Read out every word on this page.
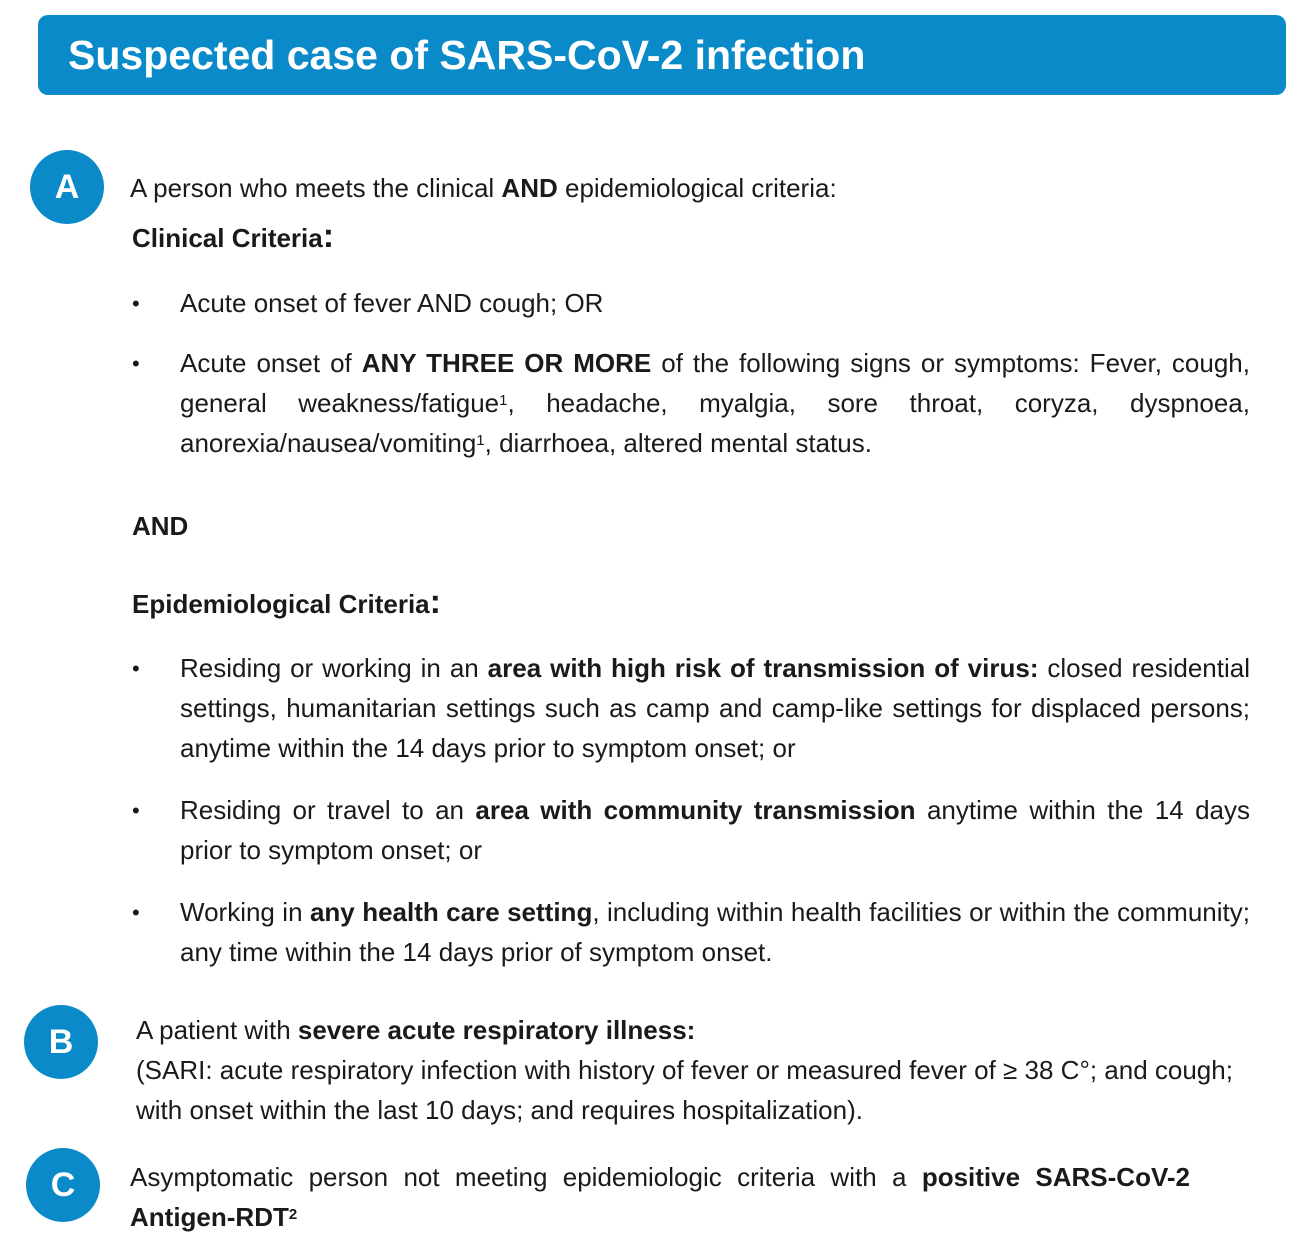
Suspected case of SARS-CoV-2 infection
A	A person who meets the clinical AND epidemiological criteria:

Clinical Criteria:

• Acute onset of fever AND cough; OR

• Acute onset of ANY THREE OR MORE of the following signs or symptoms: Fever, cough, general weakness/fatigue$^1$, headache, myalgia, sore throat, coryza, dyspnoea, anorexia/nausea/vomiting$^1$, diarrhoea, altered mental status.

AND

Epidemiological Criteria:

• Residing or working in an area with high risk of transmission of virus: closed residential settings, humanitarian settings such as camp and camp-like settings for displaced persons; anytime within the 14 days prior to symptom onset; or

• Residing or travel to an area with community transmission anytime within the 14 days prior to symptom onset; or

• Working in any health care setting, including within health facilities or within the community; any time within the 14 days prior of symptom onset.

B	A patient with severe acute respiratory illness:
(SARI: acute respiratory infection with history of fever or measured fever of ≥ 38 C°; and cough; with onset within the last 10 days; and requires hospitalization).

C	Asymptomatic person not meeting epidemiologic criteria with a positive SARS-CoV-2 Antigen-RDT$^2$
